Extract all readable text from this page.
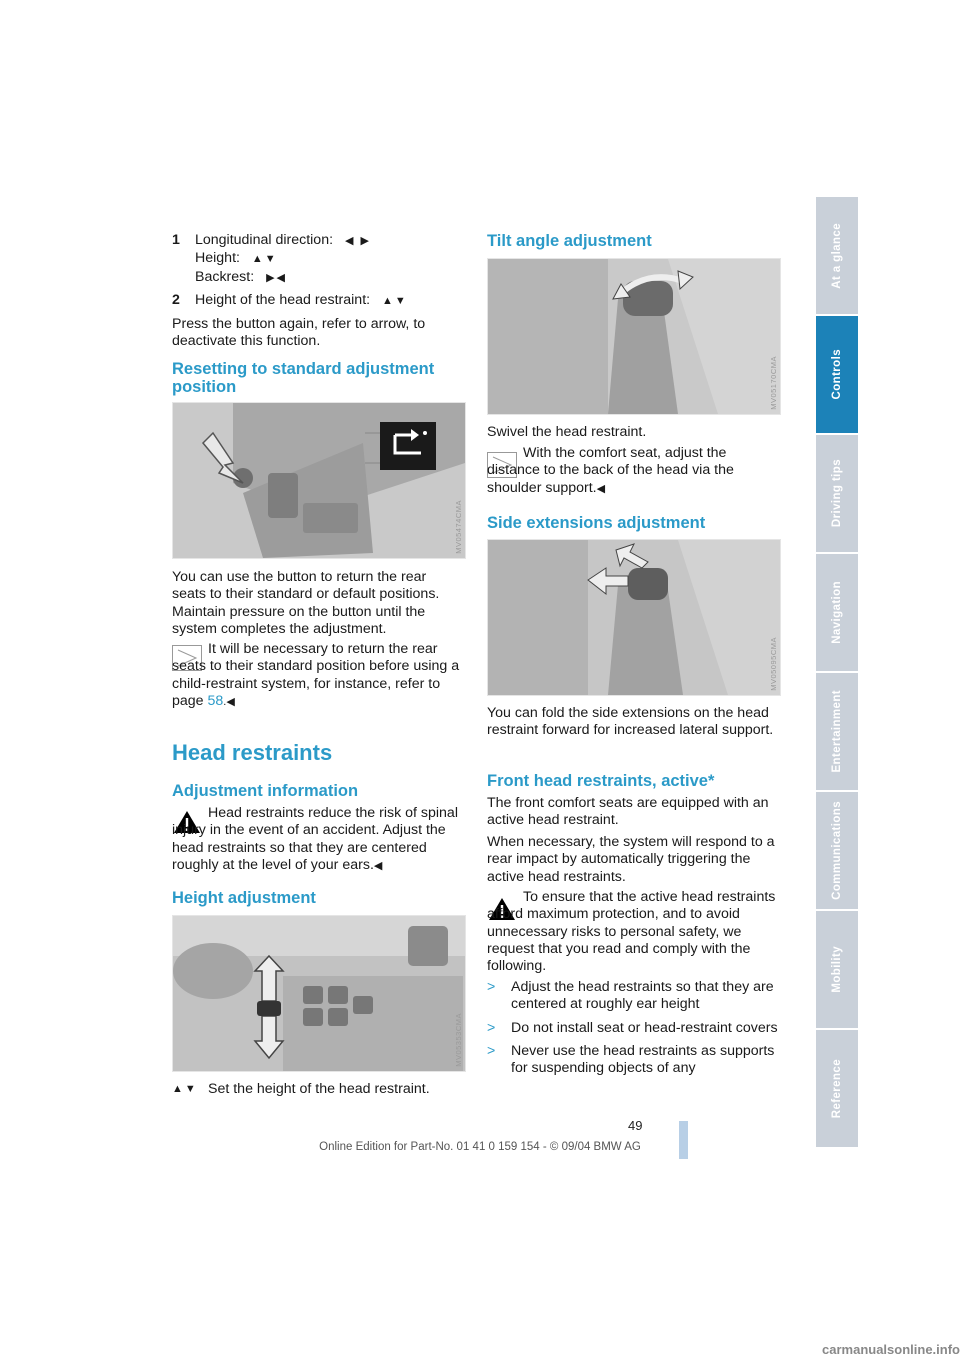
1	Longitudinal direction: ◀ ▶
Height: ▲▼
Backrest: ▶◀
2	Height of the head restraint: ▲▼

Press the button again, refer to arrow, to deactivate this function.

Resetting to standard adjustment position
MV05474CMA

You can use the button to return the rear seats to their standard or default positions. Maintain pressure on the button until the system completes the adjustment.

It will be necessary to return the rear seats to their standard position before using a child-restraint system, for instance, refer to page 58.◀

Head restraints
Adjustment information

Head restraints reduce the risk of spinal injury in the event of an accident. Adjust the head restraints so that they are centered roughly at the level of your ears.◀

Height adjustment
MV05353CMA
▲▼ Set the height of the head restraint.
Tilt angle adjustment
MV05170CMA

Swivel the head restraint.

With the comfort seat, adjust the distance to the back of the head via the shoulder support.◀

Side extensions adjustment
MV05095CMA

You can fold the side extensions on the head restraint forward for increased lateral support.

Front head restraints, active*

The front comfort seats are equipped with an active head restraint.

When necessary, the system will respond to a rear impact by automatically triggering the active head restraints.

To ensure that the active head restraints afford maximum protection, and to avoid unnecessary risks to personal safety, we request that you read and comply with the following.

> Adjust the head restraints so that they are centered at roughly ear height
> Do not install seat or head-restraint covers
> Never use the head restraints as supports for suspending objects of any
At a glance
Controls
Driving tips
Navigation
Entertainment
Communications
Mobility
Reference
49
Online Edition for Part-No. 01 41 0 159 154 - © 09/04 BMW AG
carmanualsonline.info
